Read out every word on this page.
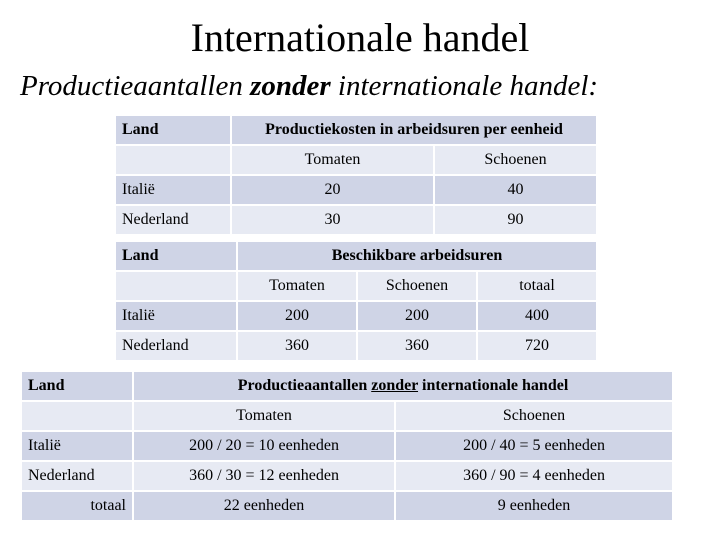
Internationale handel
Productieaantallen zonder internationale handel:
Land	Productiekosten in arbeidsuren per eenheid	
	Tomaten	Schoenen
Italië	20	40
Nederland	30	90
Land	Beschikbare arbeidsuren		
	Tomaten	Schoenen	totaal
Italië	200	200	400
Nederland	360	360	720
Land	Productieaantallen zonder internationale handel	
	Tomaten	Schoenen
Italië	200 / 20 = 10 eenheden	200 / 40 = 5 eenheden
Nederland	360 / 30 = 12 eenheden	360 / 90 = 4 eenheden
totaal	22 eenheden	9 eenheden
